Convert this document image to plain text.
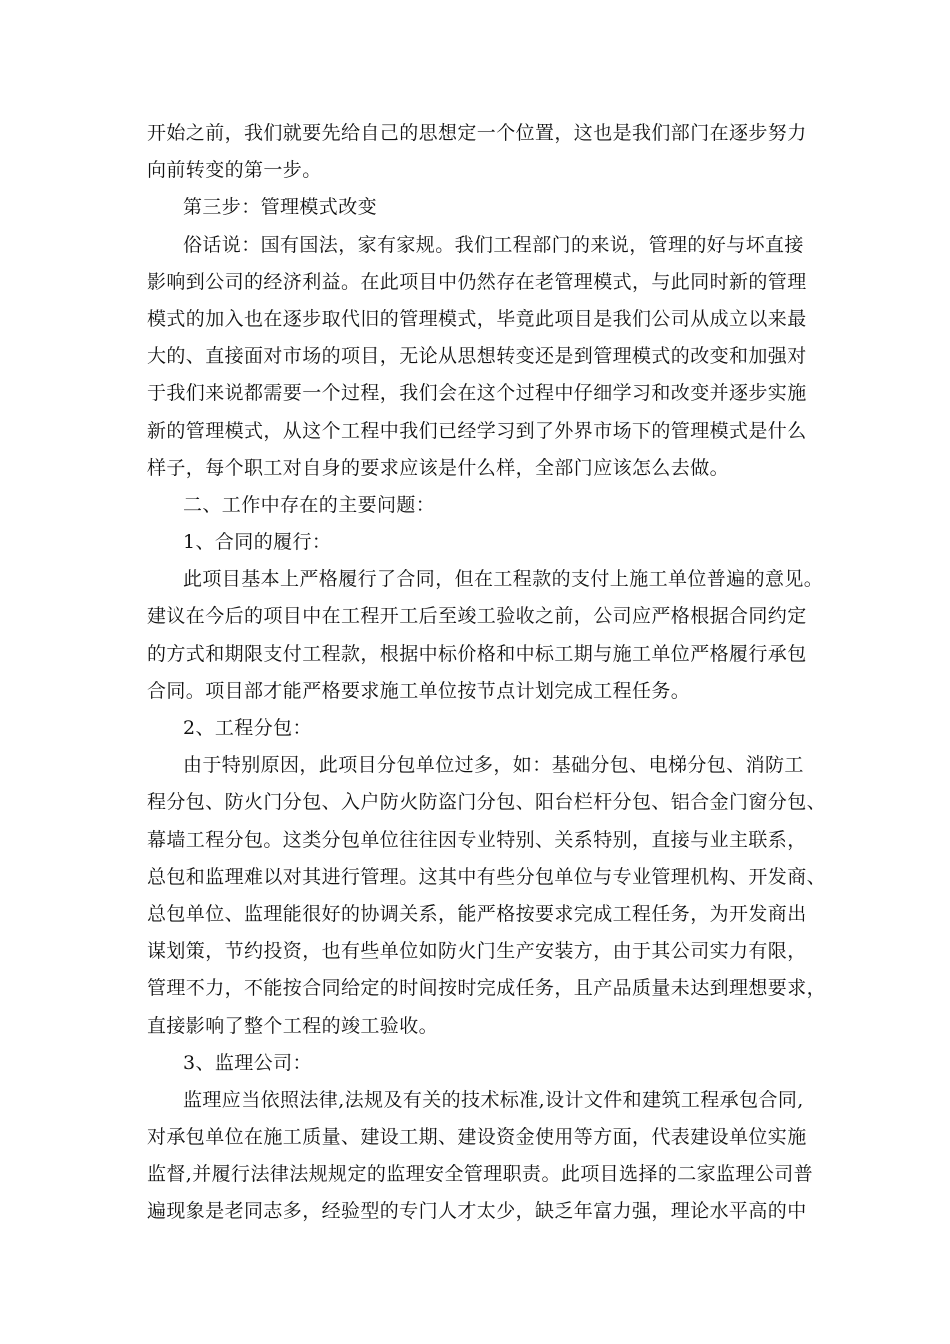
开始之前，我们就要先给自己的思想定一个位置，这也是我们部门在逐步努力
向前转变的第一步。
第三步：管理模式改变
俗话说：国有国法，家有家规。我们工程部门的来说，管理的好与坏直接
影响到公司的经济利益。在此项目中仍然存在老管理模式，与此同时新的管理
模式的加入也在逐步取代旧的管理模式，毕竟此项目是我们公司从成立以来最
大的、直接面对市场的项目，无论从思想转变还是到管理模式的改变和加强对
于我们来说都需要一个过程，我们会在这个过程中仔细学习和改变并逐步实施
新的管理模式，从这个工程中我们已经学习到了外界市场下的管理模式是什么
样子，每个职工对自身的要求应该是什么样，全部门应该怎么去做。
二、工作中存在的主要问题：
1、合同的履行：
此项目基本上严格履行了合同，但在工程款的支付上施工单位普遍的意见。
建议在今后的项目中在工程开工后至竣工验收之前，公司应严格根据合同约定
的方式和期限支付工程款，根据中标价格和中标工期与施工单位严格履行承包
合同。项目部才能严格要求施工单位按节点计划完成工程任务。
2、工程分包：
由于特别原因，此项目分包单位过多，如：基础分包、电梯分包、消防工
程分包、防火门分包、入户防火防盗门分包、阳台栏杆分包、铝合金门窗分包、
幕墙工程分包。这类分包单位往往因专业特别、关系特别，直接与业主联系，
总包和监理难以对其进行管理。这其中有些分包单位与专业管理机构、开发商、
总包单位、监理能很好的协调关系，能严格按要求完成工程任务，为开发商出
谋划策，节约投资，也有些单位如防火门生产安装方，由于其公司实力有限，
管理不力，不能按合同给定的时间按时完成任务，且产品质量未达到理想要求，
直接影响了整个工程的竣工验收。
3、监理公司：
监理应当依照法律,法规及有关的技术标准,设计文件和建筑工程承包合同,
对承包单位在施工质量、建设工期、建设资金使用等方面，代表建设单位实施
监督,并履行法律法规规定的监理安全管理职责。此项目选择的二家监理公司普
遍现象是老同志多，经验型的专门人才太少，缺乏年富力强，理论水平高的中
